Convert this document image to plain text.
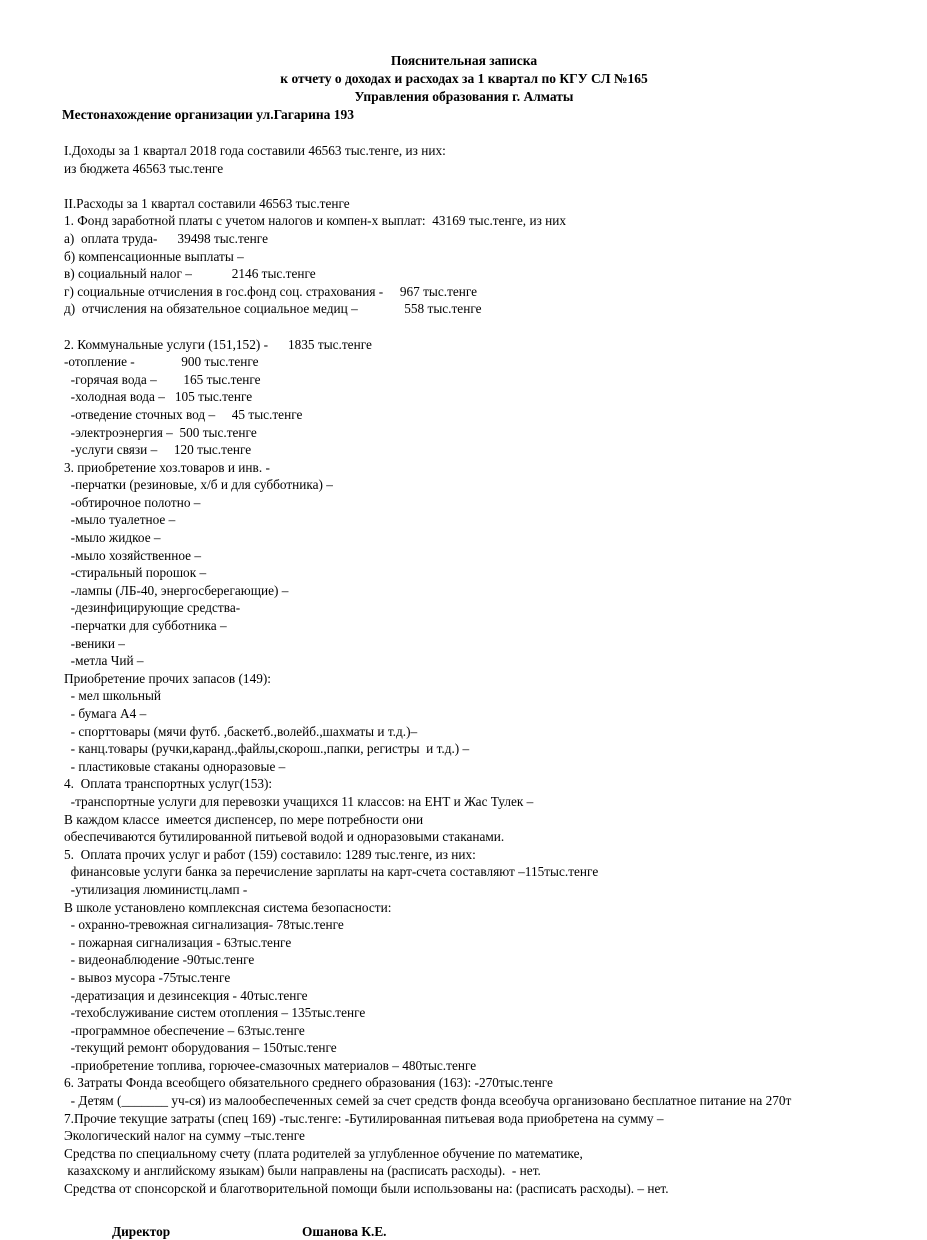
Пояснительная записка
к отчету о доходах и расходах за 1 квартал по КГУ СЛ №165
Управления образования г. Алматы
Местонахождение организации ул.Гагарина 193

I.Доходы за 1 квартал 2018 года составили 46563 тыс.тенге, из них:

из бюджета 46563 тыс.тенге

II.Расходы за 1 квартал составили 46563 тыс.тенге

1. Фонд заработной платы с учетом налогов и компен-х выплат:  43169 тыс.тенге, из них

а)  оплата труда-      39498 тыс.тенге

б) компенсационные выплаты –

в) социальный налог –            2146 тыс.тенге

г) социальные отчисления в гос.фонд соц. страхования -     967 тыс.тенге

д)  отчисления на обязательное социальное медиц –              558 тыс.тенге

2. Коммунальные услуги (151,152) -      1835 тыс.тенге

-отопление -              900 тыс.тенге

-горячая вода –        165 тыс.тенге

-холодная вода –   105 тыс.тенге

-отведение сточных вод –     45 тыс.тенге

-электроэнергия –  500 тыс.тенге

-услуги связи –     120 тыс.тенге

3. приобретение хоз.товаров и инв. -

-перчатки (резиновые, х/б и для субботника) –

-обтирочное полотно –

-мыло туалетное –

-мыло жидкое –

-мыло хозяйственное –

-стиральный порошок –

-лампы (ЛБ-40, энергосберегающие) –

-дезинфицирующие средства-

-перчатки для субботника –

-веники –

-метла Чий –

Приобретение прочих запасов (149):

- мел школьный

- бумага А4 –

- спорттовары (мячи футб. ,баскетб.,волейб.,шахматы и т.д.)–

- канц.товары (ручки,каранд.,файлы,скорош.,папки, регистры  и т.д.) –

- пластиковые стаканы одноразовые –

4.  Оплата транспортных услуг(153):

-транспортные услуги для перевозки учащихся 11 классов: на ЕНТ и Жас Тулек –

В каждом классе  имеется диспенсер, по мере потребности они

обеспечиваются бутилированной питьевой водой и одноразовыми стаканами.

5.  Оплата прочих услуг и работ (159) составило: 1289 тыс.тенге, из них:

финансовые услуги банка за перечисление зарплаты на карт-счета составляют –115тыс.тенге

-утилизация люминистц.ламп -

В школе установлено комплексная система безопасности:

- охранно-тревожная сигнализация- 78тыс.тенге

- пожарная сигнализация - 63тыс.тенге

- видеонаблюдение -90тыс.тенге

- вывоз мусора -75тыс.тенге

-дератизация и дезинсекция - 40тыс.тенге

-техобслуживание систем отопления – 135тыс.тенге

-программное обеспечение – 63тыс.тенге

-текущий ремонт оборудования – 150тыс.тенге

-приобретение топлива, горючее-смазочных материалов – 480тыс.тенге

6. Затраты Фонда всеобщего обязательного среднего образования (163): -270тыс.тенге

- Детям (_______ уч-ся) из малообеспеченных семей за счет средств фонда всеобуча организовано бесплатное питание на 270т

7.Прочие текущие затраты (спец 169) -тыс.тенге: -Бутилированная питьевая вода приобретена на сумму –

Экологический налог на сумму –тыс.тенге

Средства по специальному счету (плата родителей за углубленное обучение по математике,

казахскому и английскому языкам) были направлены на (расписать расходы).  - нет.

Средства от спонсорской и благотворительной помощи были использованы на: (расписать расходы). – нет.

Директор	Ошанова К.Е.
